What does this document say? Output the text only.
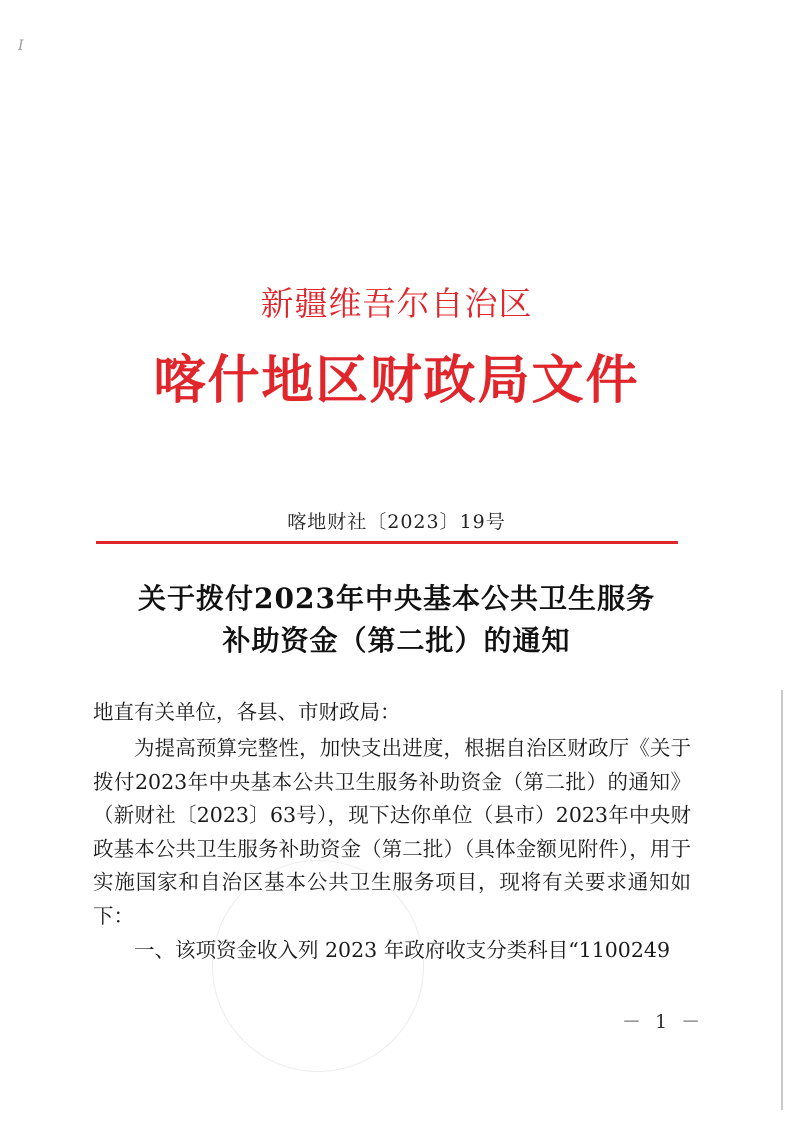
I
新疆维吾尔自治区
喀什地区财政局文件
喀地财社〔2023〕19号
关于拨付2023年中央基本公共卫生服务
补助资金（第二批）的通知
地直有关单位，各县、市财政局：
为提高预算完整性，加快支出进度，根据自治区财政厅《关于拨付2023年中央基本公共卫生服务补助资金（第二批）的通知》（新财社〔2023〕63号），现下达你单位（县市）2023年中央财政基本公共卫生服务补助资金（第二批）（具体金额见附件），用于实施国家和自治区基本公共卫生服务项目，现将有关要求通知如下：
一、该项资金收入列 2023 年政府收支分类科目“1100249
－ 1 －
